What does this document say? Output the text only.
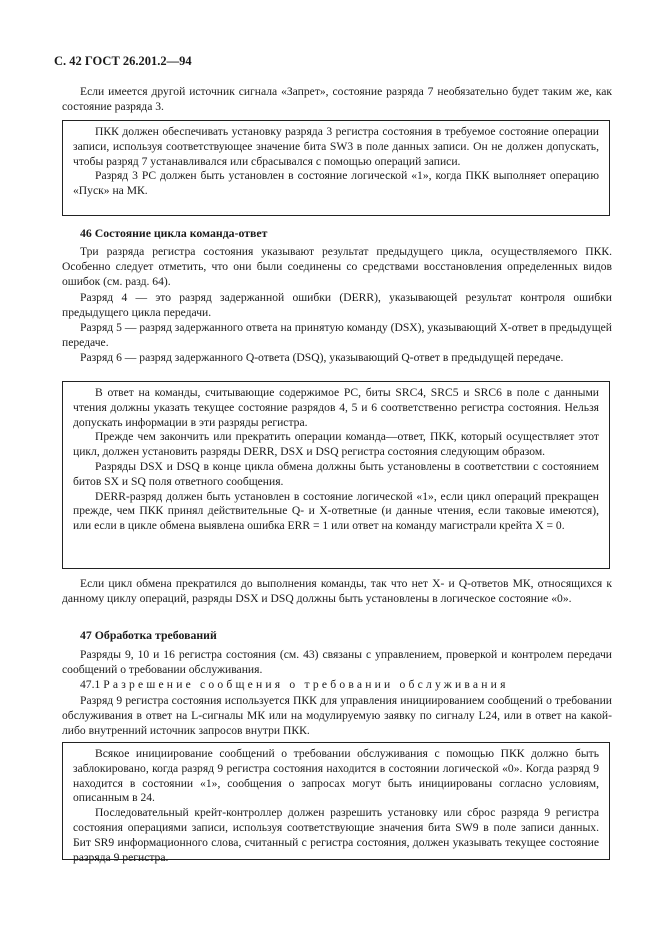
С. 42 ГОСТ 26.201.2—94

Если имеется другой источник сигнала «Запрет», состояние разряда 7 необязательно будет таким же, как состояние разряда 3.

ПКК должен обеспечивать установку разряда 3 регистра состояния в требуемое состояние операции записи, используя соответствующее значение бита SW3 в поле данных записи. Он не должен допускать, чтобы разряд 7 устанавливался или сбрасывался с помощью операций записи.

Разряд 3 PC должен быть установлен в состояние логической «1», когда ПКК выполняет операцию «Пуск» на МК.

46 Состояние цикла команда-ответ

Три разряда регистра состояния указывают результат предыдущего цикла, осуществляемого ПКК. Особенно следует отметить, что они были соединены со средствами восстановления определенных видов ошибок (см. разд. 64).

Разряд 4 — это разряд задержанной ошибки (DERR), указывающей результат контроля ошибки предыдущего цикла передачи.

Разряд 5 — разряд задержанного ответа на принятую команду (DSX), указывающий Х-ответ в предыдущей передаче.

Разряд 6 — разряд задержанного Q-ответа (DSQ), указывающий Q-ответ в предыдущей передаче.

В ответ на команды, считывающие содержимое PC, биты SRC4, SRC5 и SRC6 в поле с данными чтения должны указать текущее состояние разрядов 4, 5 и 6 соответственно регистра состояния. Нельзя допускать информации в эти разряды регистра.

Прежде чем закончить или прекратить операции команда—ответ, ПКК, который осуществляет этот цикл, должен установить разряды DERR, DSX и DSQ регистра состояния следующим образом.

Разряды DSX и DSQ в конце цикла обмена должны быть установлены в соответствии с состоянием битов SX и SQ поля ответного сообщения.

DERR-разряд должен быть установлен в состояние логической «1», если цикл операций прекращен прежде, чем ПКК принял действительные Q- и Х-ответные (и данные чтения, если таковые имеются), или если в цикле обмена выявлена ошибка ERR = 1 или ответ на команду магистрали крейта X = 0.

Если цикл обмена прекратился до выполнения команды, так что нет Х- и Q-ответов МК, относящихся к данному циклу операций, разряды DSX и DSQ должны быть установлены в логическое состояние «0».

47 Обработка требований

Разряды 9, 10 и 16 регистра состояния (см. 43) связаны с управлением, проверкой и контролем передачи сообщений о требовании обслуживания.

47.1 Разрешение сообщения о требовании обслуживания

Разряд 9 регистра состояния используется ПКК для управления инициированием сообщений о требовании обслуживания в ответ на L-сигналы МК или на модулируемую заявку по сигналу L24, или в ответ на какой-либо внутренний источник запросов внутри ПКК.

Всякое инициирование сообщений о требовании обслуживания с помощью ПКК должно быть заблокировано, когда разряд 9 регистра состояния находится в состоянии логической «0». Когда разряд 9 находится в состоянии «1», сообщения о запросах могут быть инициированы согласно условиям, описанным в 24.

Последовательный крейт-контроллер должен разрешить установку или сброс разряда 9 регистра состояния операциями записи, используя соответствующие значения бита SW9 в поле записи данных. Бит SR9 информационного слова, считанный с регистра состояния, должен указывать текущее состояние разряда 9 регистра.
